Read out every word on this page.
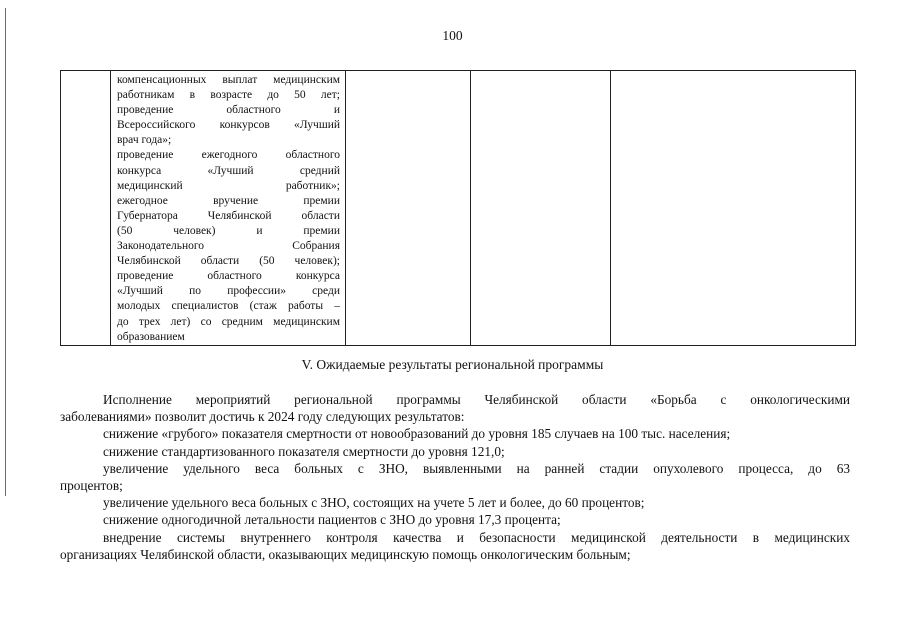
100

компенсационных выплат медицинским
работникам в возрасте до 50 лет;
проведение областного и
Всероссийского конкурсов «Лучший
врач года»;
проведение ежегодного областного
конкурса «Лучший средний
медицинский работник»;
ежегодное вручение премии
Губернатора Челябинской области
(50 человек) и премии
Законодательного Собрания
Челябинской области (50 человек);
проведение областного конкурса
«Лучший по профессии» среди
молодых специалистов (стаж работы –
до трех лет) со средним медицинским
образованием

V. Ожидаемые результаты региональной программы
Исполнение мероприятий региональной программы Челябинской области «Борьба с онкологическими
заболеваниями» позволит достичь к 2024 году следующих результатов:
снижение «грубого» показателя смертности от новообразований до уровня 185 случаев на 100 тыс. населения;
снижение стандартизованного показателя смертности до уровня 121,0;
увеличение удельного веса больных с ЗНО, выявленными на ранней стадии опухолевого процесса, до 63
процентов;
увеличение удельного веса больных с ЗНО, состоящих на учете 5 лет и более, до 60 процентов;
снижение одногодичной летальности пациентов с ЗНО до уровня 17,3 процента;
внедрение системы внутреннего контроля качества и безопасности медицинской деятельности в медицинских
организациях Челябинской области, оказывающих медицинскую помощь онкологическим больным;
